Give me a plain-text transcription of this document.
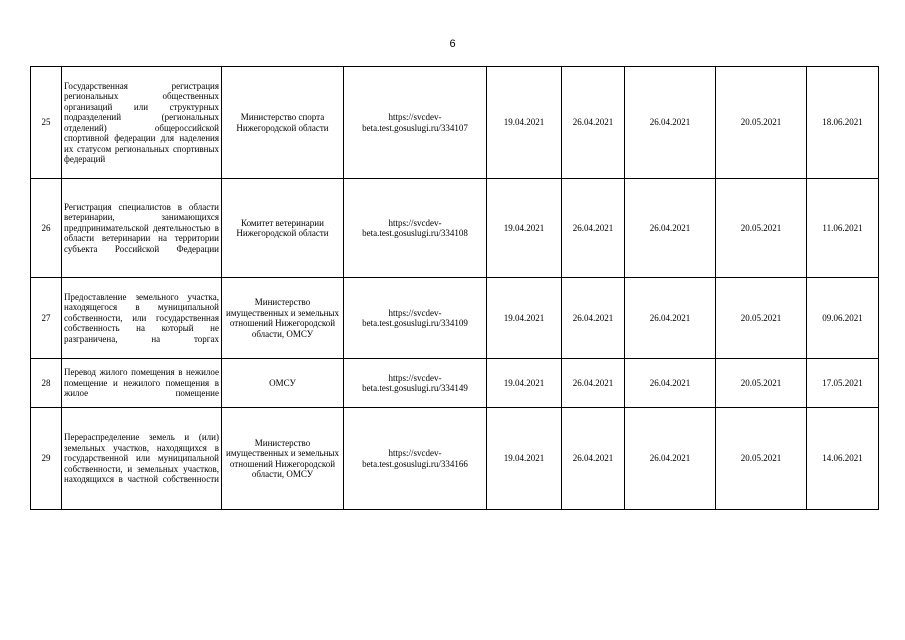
6
25	Государственная регистрация региональных общественных организаций или структурных подразделений (региональных отделений) общероссийской спортивной федерации для наделения их статусом региональных спортивных федераций	Министерство спорта Нижегородской области	https://svcdev-beta.test.gosuslugi.ru/334107	19.04.2021	26.04.2021	26.04.2021	20.05.2021	18.06.2021
26	Регистрация специалистов в области ветеринарии, занимающихся предпринимательской деятельностью в области ветеринарии на территории субъекта Российской Федерации	Комитет ветеринарии Нижегородской области	https://svcdev-beta.test.gosuslugi.ru/334108	19.04.2021	26.04.2021	26.04.2021	20.05.2021	11.06.2021
27	Предоставление земельного участка, находящегося в муниципальной собственности, или государственная собственность на который не разграничена, на торгах	Министерство имущественных и земельных отношений Нижегородской области, ОМСУ	https://svcdev-beta.test.gosuslugi.ru/334109	19.04.2021	26.04.2021	26.04.2021	20.05.2021	09.06.2021
28	Перевод жилого помещения в нежилое помещение и нежилого помещения в жилое помещение	ОМСУ	https://svcdev-beta.test.gosuslugi.ru/334149	19.04.2021	26.04.2021	26.04.2021	20.05.2021	17.05.2021
29	Перераспределение земель и (или) земельных участков, находящихся в государственной или муниципальной собственности, и земельных участков, находящихся в частной собственности	Министерство имущественных и земельных отношений Нижегородской области, ОМСУ	https://svcdev-beta.test.gosuslugi.ru/334166	19.04.2021	26.04.2021	26.04.2021	20.05.2021	14.06.2021
